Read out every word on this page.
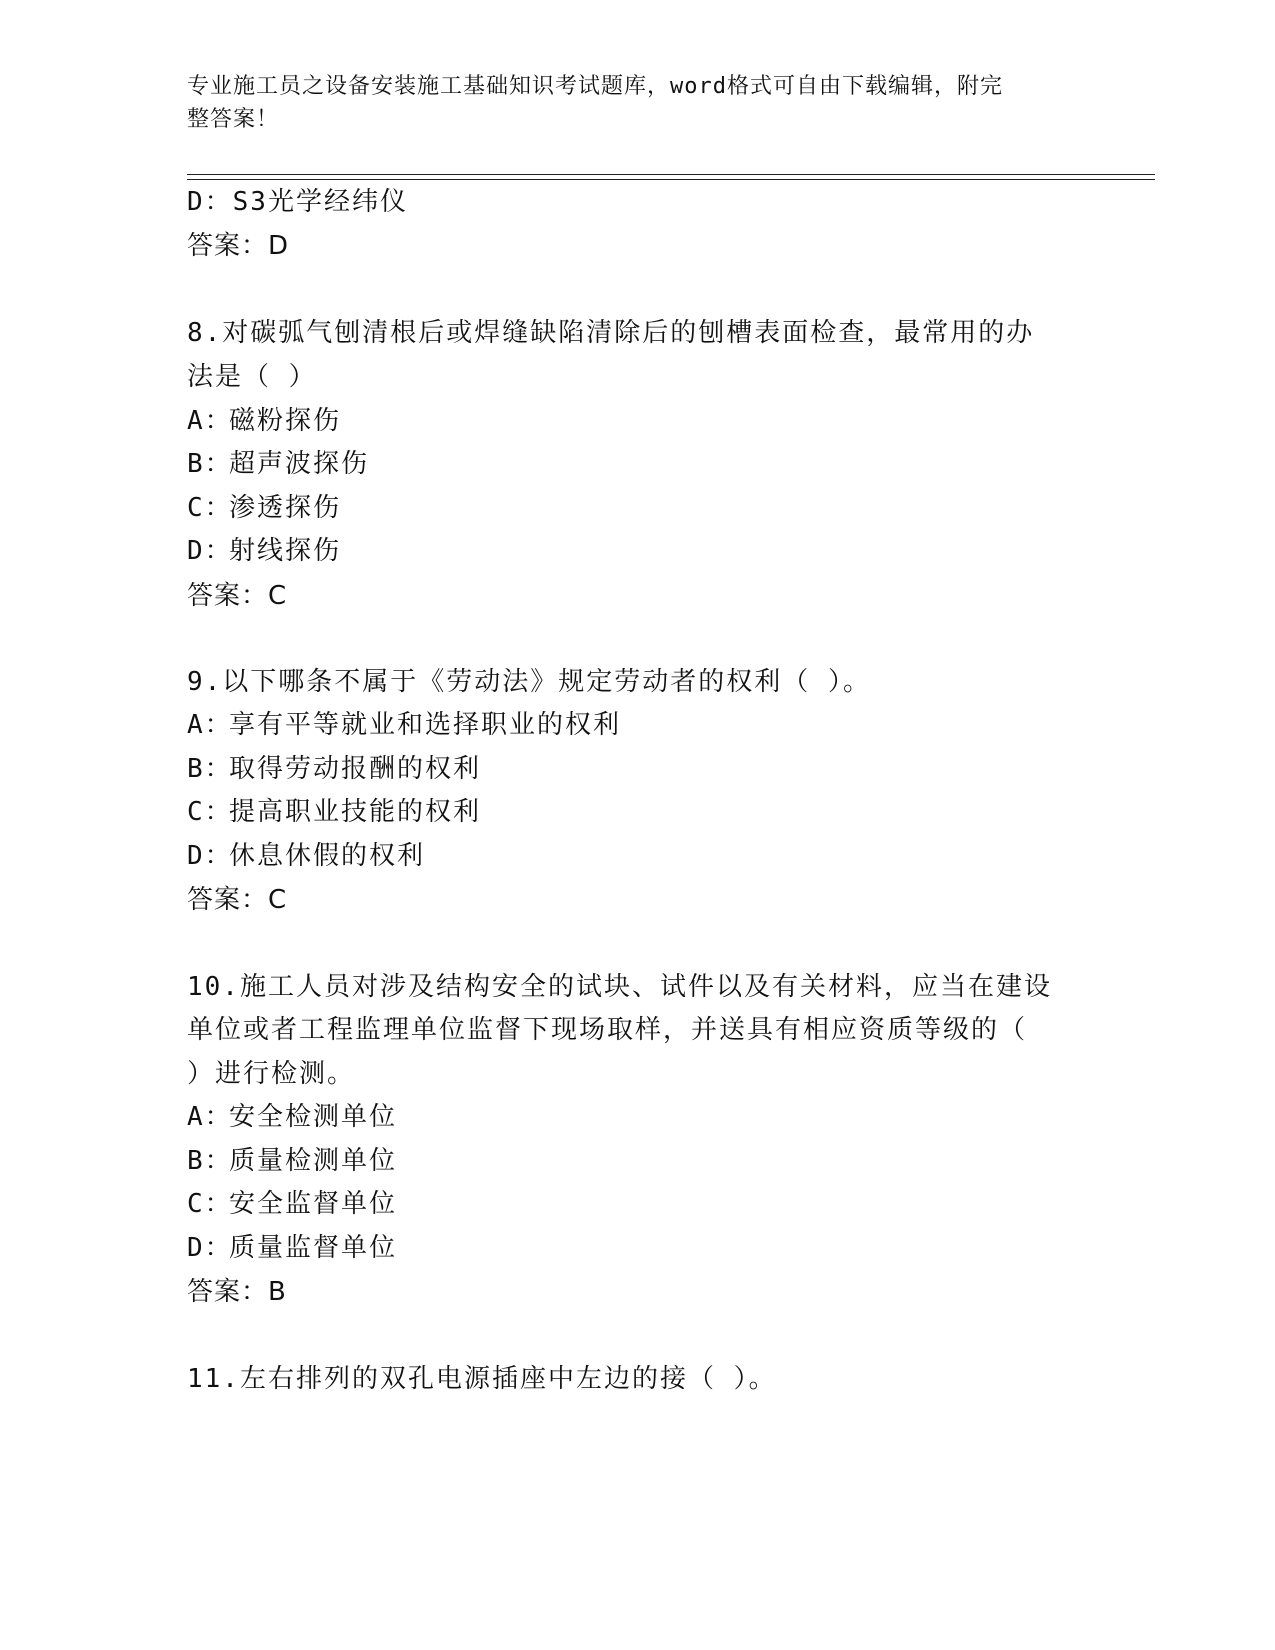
专业施工员之设备安装施工基础知识考试题库，word格式可自由下载编辑，附完
整答案！
D：S3光学经纬仪
答案：D
8.对碳弧气刨清根后或焊缝缺陷清除后的刨槽表面检查，最常用的办
法是（ ）
A：磁粉探伤
B：超声波探伤
C：渗透探伤
D：射线探伤
答案：C
9.以下哪条不属于《劳动法》规定劳动者的权利（ ）。
A：享有平等就业和选择职业的权利
B：取得劳动报酬的权利
C：提高职业技能的权利
D：休息休假的权利
答案：C
10.施工人员对涉及结构安全的试块、试件以及有关材料，应当在建设
单位或者工程监理单位监督下现场取样，并送具有相应资质等级的（
）进行检测。
A：安全检测单位
B：质量检测单位
C：安全监督单位
D：质量监督单位
答案：B
11.左右排列的双孔电源插座中左边的接（ ）。
